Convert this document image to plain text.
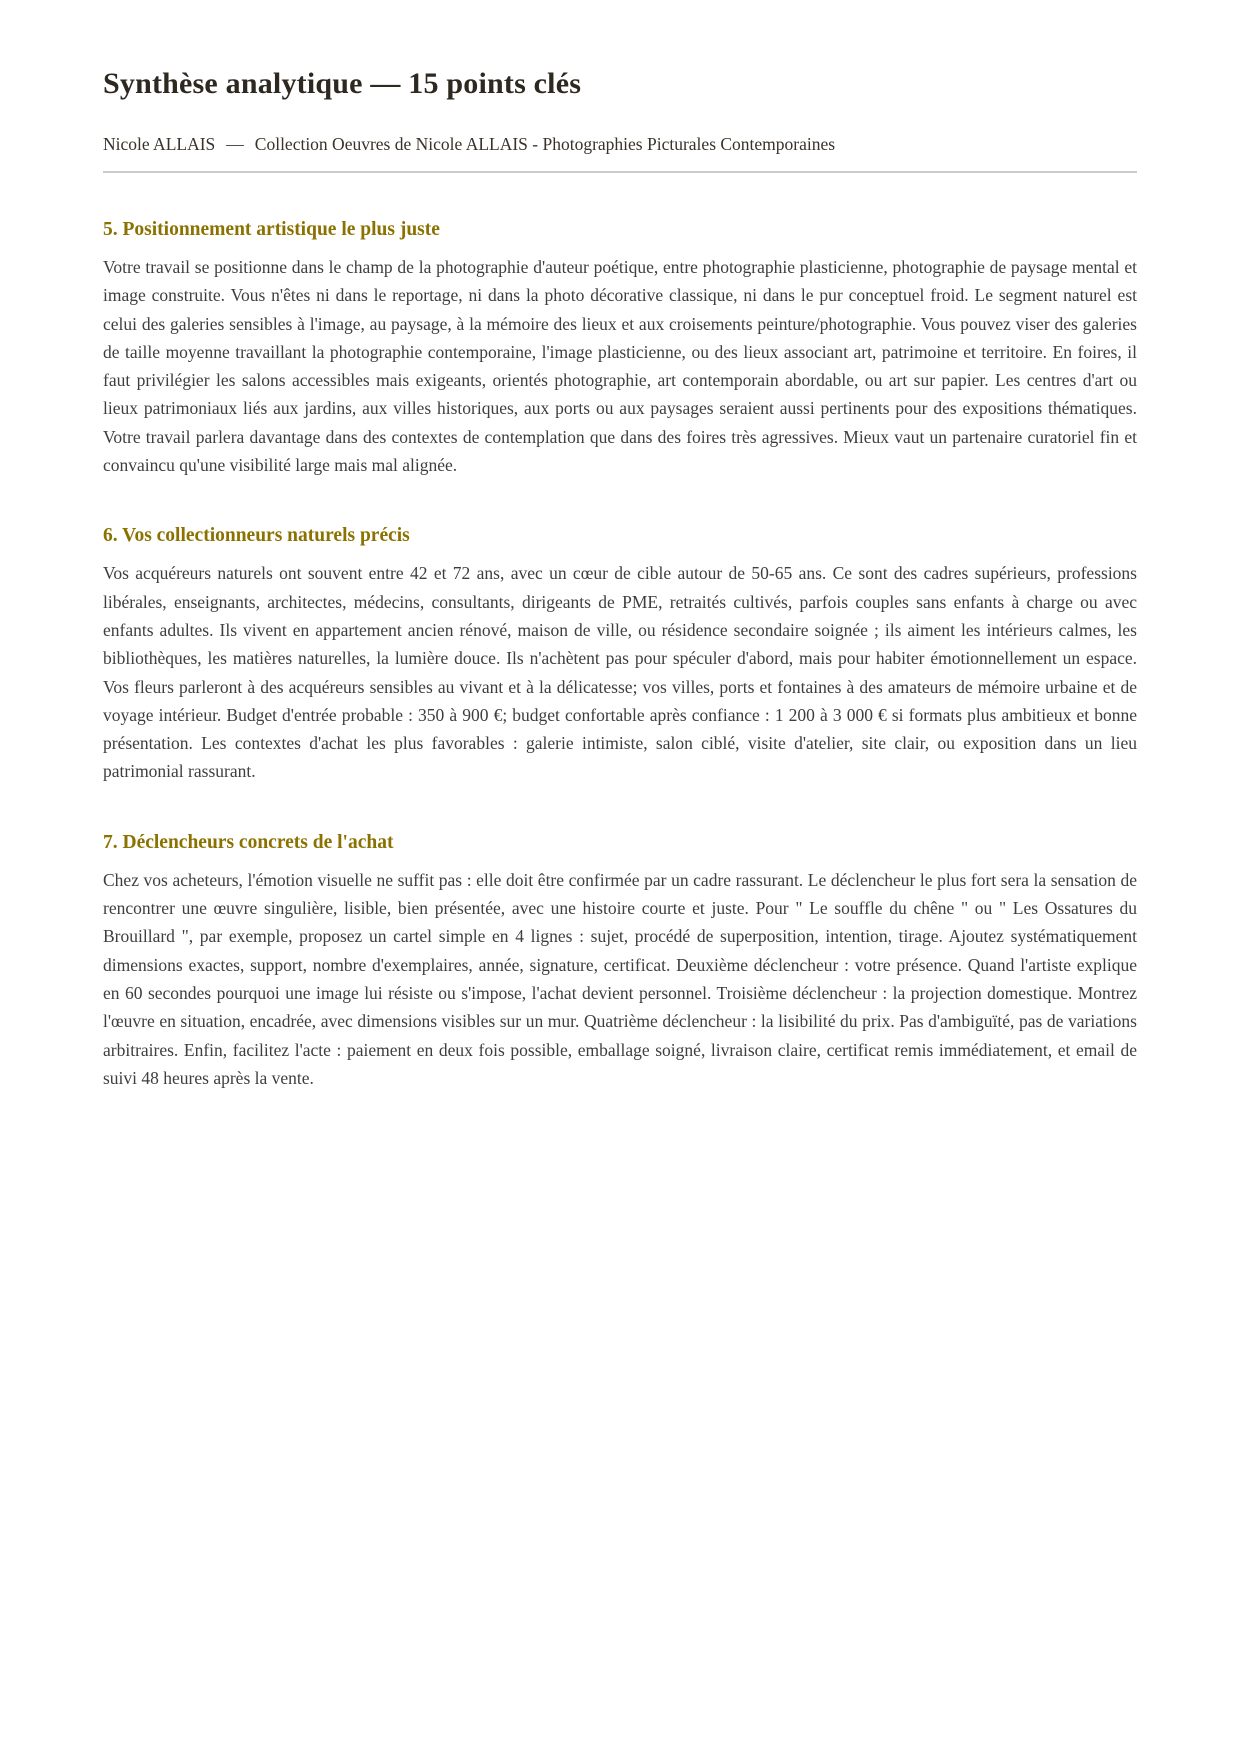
Synthèse analytique — 15 points clés

Nicole ALLAIS — Collection Oeuvres de Nicole ALLAIS - Photographies Picturales Contemporaines

5. Positionnement artistique le plus juste

Votre travail se positionne dans le champ de la photographie d'auteur poétique, entre photographie plasticienne, photographie de paysage mental et image construite. Vous n'êtes ni dans le reportage, ni dans la photo décorative classique, ni dans le pur conceptuel froid. Le segment naturel est celui des galeries sensibles à l'image, au paysage, à la mémoire des lieux et aux croisements peinture/photographie. Vous pouvez viser des galeries de taille moyenne travaillant la photographie contemporaine, l'image plasticienne, ou des lieux associant art, patrimoine et territoire. En foires, il faut privilégier les salons accessibles mais exigeants, orientés photographie, art contemporain abordable, ou art sur papier. Les centres d'art ou lieux patrimoniaux liés aux jardins, aux villes historiques, aux ports ou aux paysages seraient aussi pertinents pour des expositions thématiques. Votre travail parlera davantage dans des contextes de contemplation que dans des foires très agressives. Mieux vaut un partenaire curatoriel fin et convaincu qu'une visibilité large mais mal alignée.

6. Vos collectionneurs naturels précis

Vos acquéreurs naturels ont souvent entre 42 et 72 ans, avec un cœur de cible autour de 50-65 ans. Ce sont des cadres supérieurs, professions libérales, enseignants, architectes, médecins, consultants, dirigeants de PME, retraités cultivés, parfois couples sans enfants à charge ou avec enfants adultes. Ils vivent en appartement ancien rénové, maison de ville, ou résidence secondaire soignée ; ils aiment les intérieurs calmes, les bibliothèques, les matières naturelles, la lumière douce. Ils n'achètent pas pour spéculer d'abord, mais pour habiter émotionnellement un espace. Vos fleurs parleront à des acquéreurs sensibles au vivant et à la délicatesse; vos villes, ports et fontaines à des amateurs de mémoire urbaine et de voyage intérieur. Budget d'entrée probable : 350 à 900 €; budget confortable après confiance : 1 200 à 3 000 € si formats plus ambitieux et bonne présentation. Les contextes d'achat les plus favorables : galerie intimiste, salon ciblé, visite d'atelier, site clair, ou exposition dans un lieu patrimonial rassurant.

7. Déclencheurs concrets de l'achat

Chez vos acheteurs, l'émotion visuelle ne suffit pas : elle doit être confirmée par un cadre rassurant. Le déclencheur le plus fort sera la sensation de rencontrer une œuvre singulière, lisible, bien présentée, avec une histoire courte et juste. Pour " Le souffle du chêne " ou " Les Ossatures du Brouillard ", par exemple, proposez un cartel simple en 4 lignes : sujet, procédé de superposition, intention, tirage. Ajoutez systématiquement dimensions exactes, support, nombre d'exemplaires, année, signature, certificat. Deuxième déclencheur : votre présence. Quand l'artiste explique en 60 secondes pourquoi une image lui résiste ou s'impose, l'achat devient personnel. Troisième déclencheur : la projection domestique. Montrez l'œuvre en situation, encadrée, avec dimensions visibles sur un mur. Quatrième déclencheur : la lisibilité du prix. Pas d'ambiguïté, pas de variations arbitraires. Enfin, facilitez l'acte : paiement en deux fois possible, emballage soigné, livraison claire, certificat remis immédiatement, et email de suivi 48 heures après la vente.
